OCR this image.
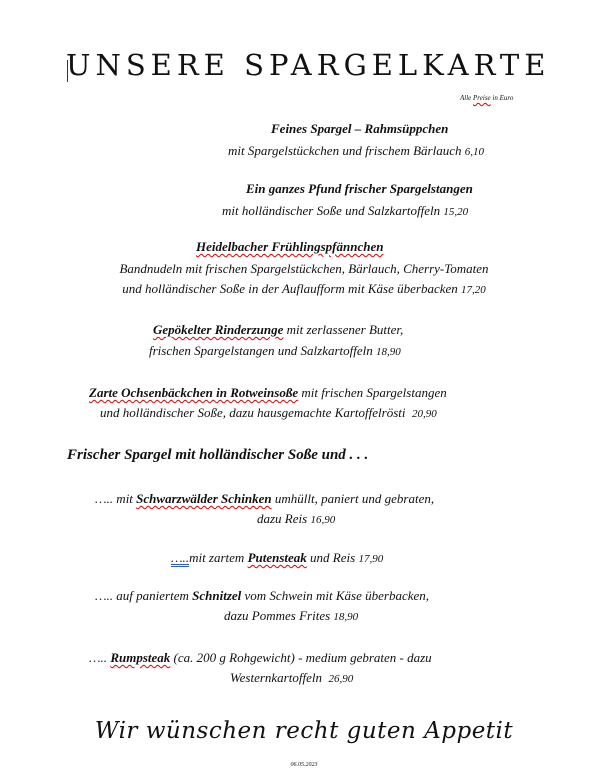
UNSERE SPARGELKARTE
Alle Preise in Euro
Feines Spargel – Rahmsüppchen
mit Spargelstückchen und frischem Bärlauch 6,10
Ein ganzes Pfund frischer Spargelstangen
mit holländischer Soße und Salzkartoffeln 15,20
Heidelbacher Frühlingspfännchen
Bandnudeln mit frischen Spargelstückchen, Bärlauch, Cherry-Tomaten
und holländischer Soße in der Auflaufform mit Käse überbacken 17,20
Gepökelter Rinderzunge mit zerlassener Butter,
frischen Spargelstangen und Salzkartoffeln 18,90
Zarte Ochsenbäckchen in Rotweinsoße mit frischen Spargelstangen
und holländischer Soße, dazu hausgemachte Kartoffelrösti 20,90
Frischer Spargel mit holländischer Soße und . . .
….. mit Schwarzwälder Schinken umhüllt, paniert und gebraten,
dazu Reis 16,90
…..mit zartem Putensteak und Reis 17,90
….. auf paniertem Schnitzel vom Schwein mit Käse überbacken,
dazu Pommes Frites 18,90
….. Rumpsteak (ca. 200 g Rohgewicht) - medium gebraten - dazu
Westernkartoffeln 26,90
Wir wünschen recht guten Appetit
06.05.2023
